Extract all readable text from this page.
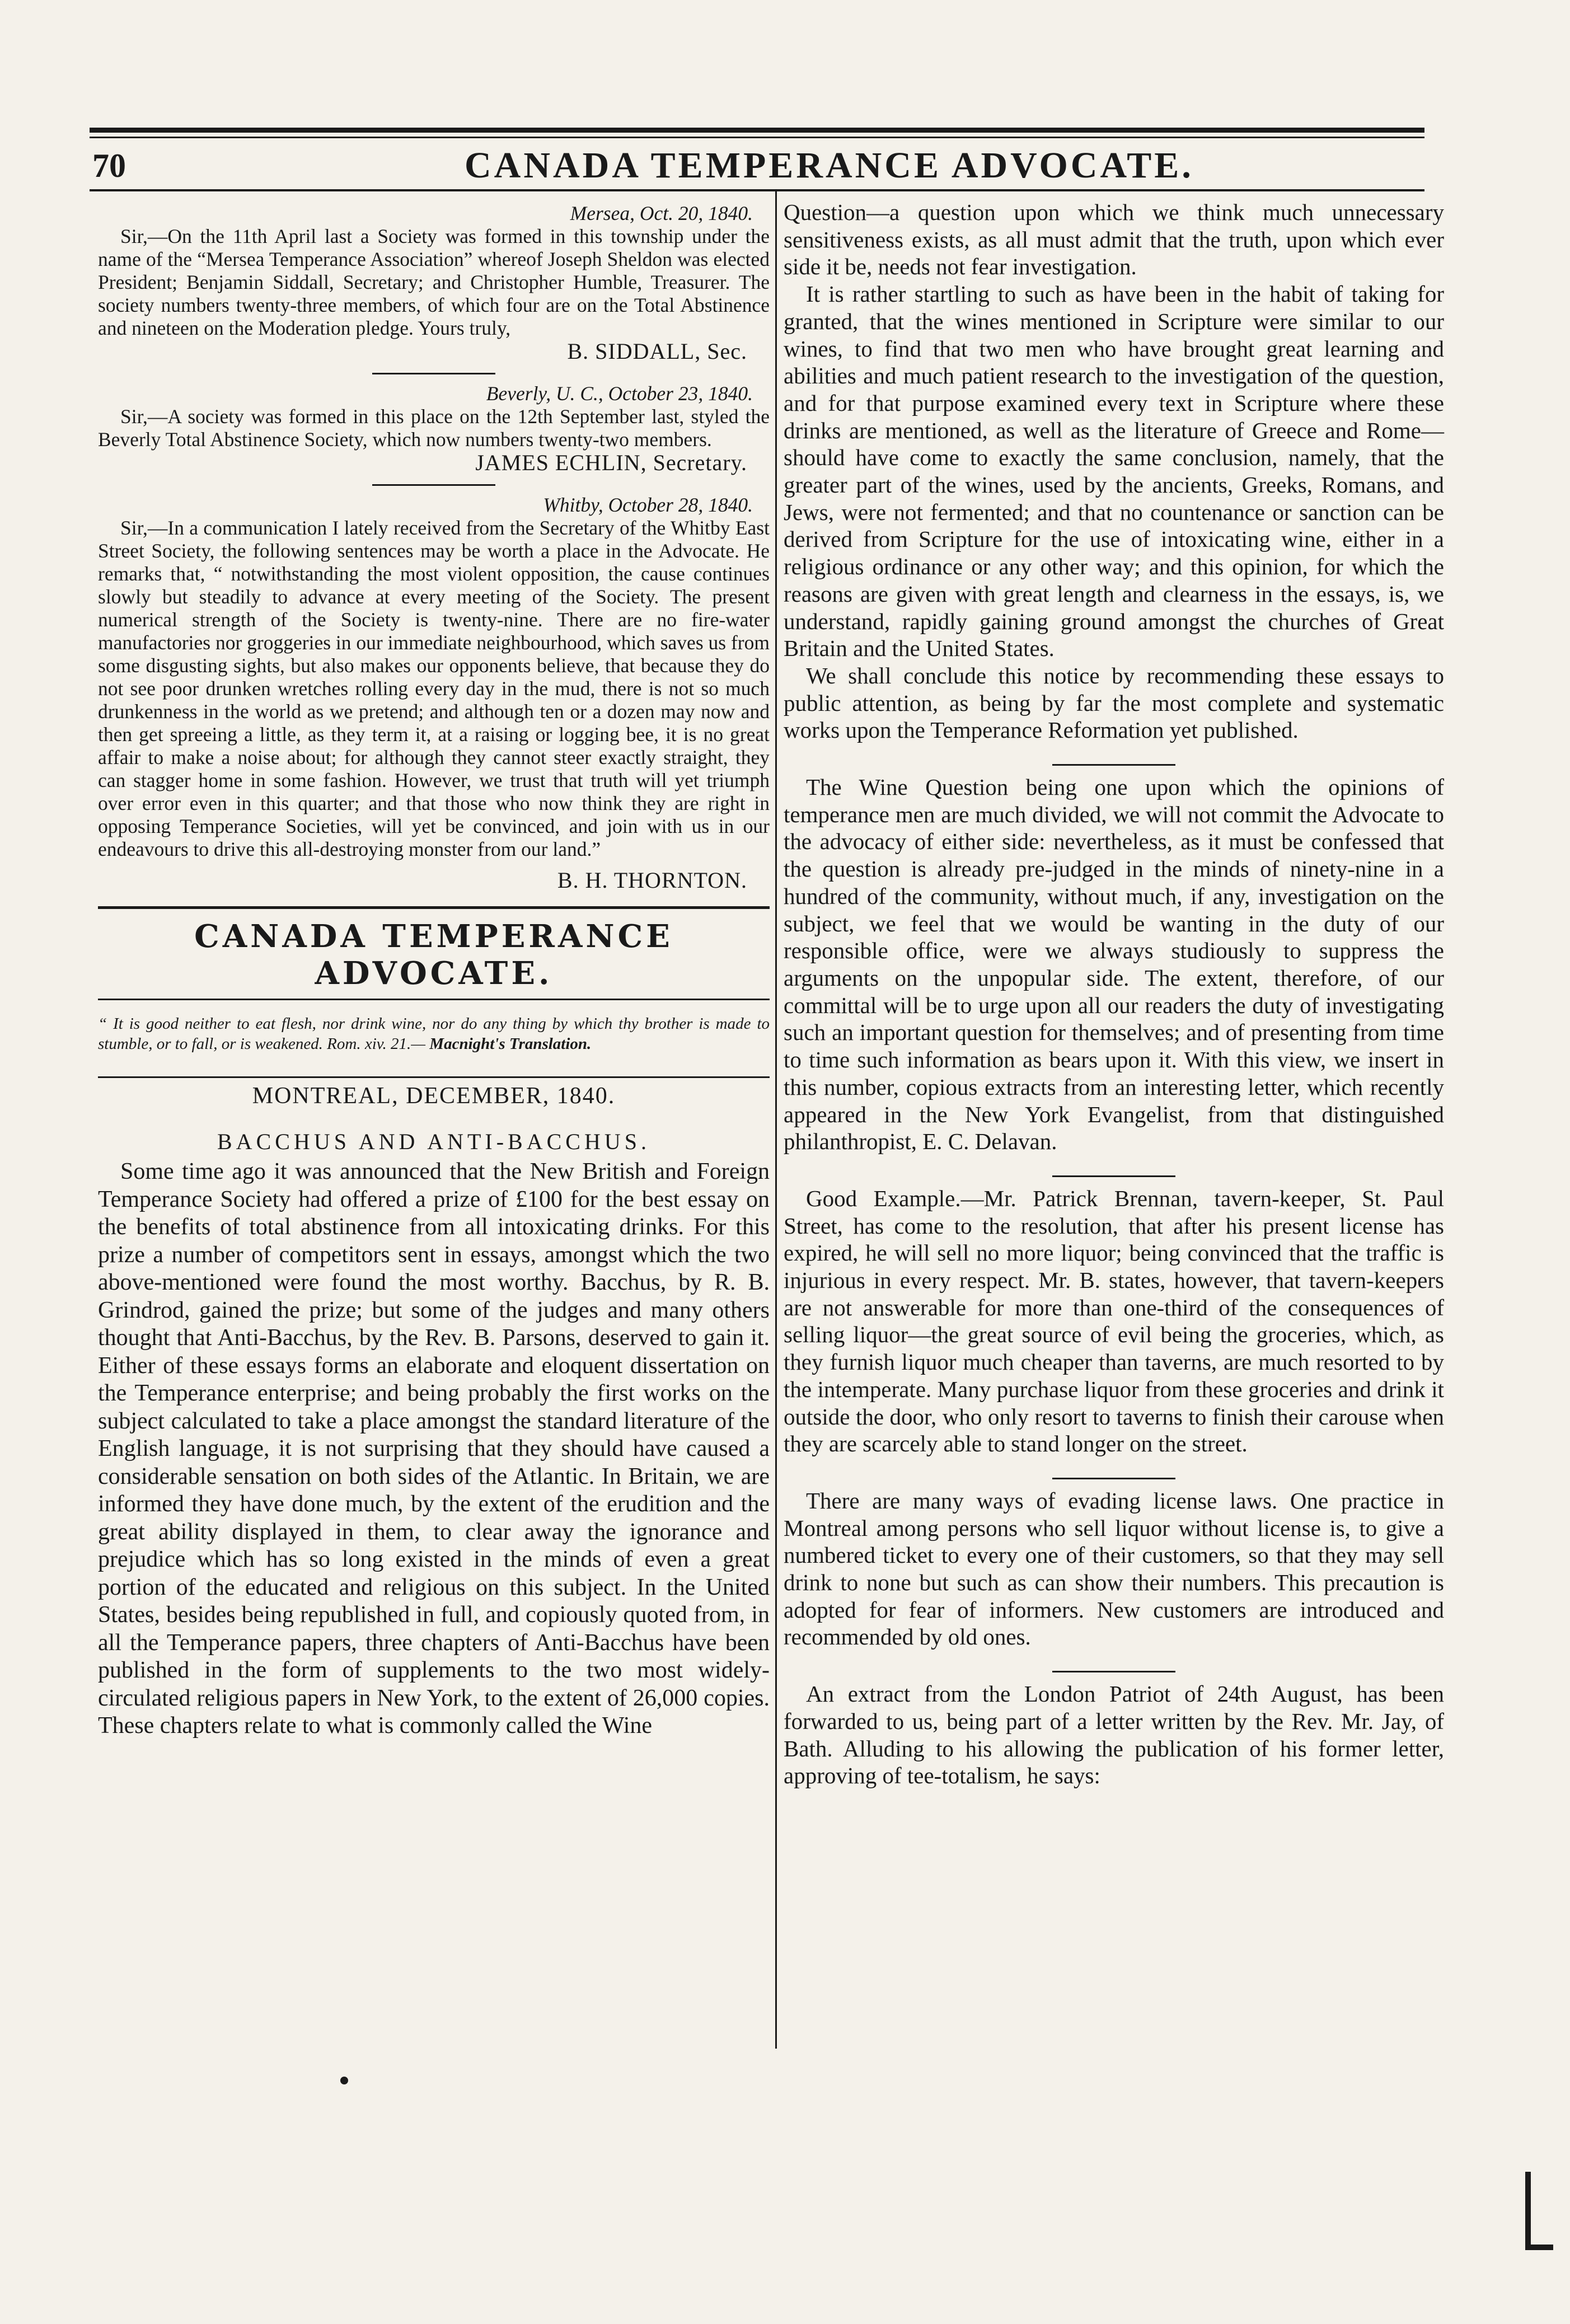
70	CANADA TEMPERANCE ADVOCATE.
Mersea, Oct. 20, 1840.

Sir,—On the 11th April last a Society was formed in this township under the name of the “Mersea Temperance Association” whereof Joseph Sheldon was elected President; Benjamin Siddall, Secretary; and Christopher Humble, Treasurer. The society numbers twenty-three members, of which four are on the Total Abstinence and nineteen on the Moderation pledge. Yours truly,

B. SIDDALL, Sec.
Beverly, U. C., October 23, 1840.

Sir,—A society was formed in this place on the 12th September last, styled the Beverly Total Abstinence Society, which now numbers twenty-two members.

JAMES ECHLIN, Secretary.
Whitby, October 28, 1840.

Sir,—In a communication I lately received from the Secretary of the Whitby East Street Society, the following sentences may be worth a place in the Advocate. He remarks that, “ notwithstanding the most violent opposition, the cause continues slowly but steadily to advance at every meeting of the Society. The present numerical strength of the Society is twenty-nine. There are no fire-water manufactories nor groggeries in our immediate neighbourhood, which saves us from some disgusting sights, but also makes our opponents believe, that because they do not see poor drunken wretches rolling every day in the mud, there is not so much drunkenness in the world as we pretend; and although ten or a dozen may now and then get spreeing a little, as they term it, at a raising or logging bee, it is no great affair to make a noise about; for although they cannot steer exactly straight, they can stagger home in some fashion. However, we trust that truth will yet triumph over error even in this quarter; and that those who now think they are right in opposing Temperance Societies, will yet be convinced, and join with us in our endeavours to drive this all-destroying monster from our land.”

B. H. THORNTON.
CANADA TEMPERANCE ADVOCATE.
“ It is good neither to eat flesh, nor drink wine, nor do any thing by which thy brother is made to stumble, or to fall, or is weakened. Rom. xiv. 21.— Macnight's Translation.
MONTREAL, DECEMBER, 1840.
BACCHUS AND ANTI-BACCHUS.

Some time ago it was announced that the New British and Foreign Temperance Society had offered a prize of £100 for the best essay on the benefits of total abstinence from all intoxicating drinks. For this prize a number of competitors sent in essays, amongst which the two above-mentioned were found the most worthy. Bacchus, by R. B. Grindrod, gained the prize; but some of the judges and many others thought that Anti-Bacchus, by the Rev. B. Parsons, deserved to gain it. Either of these essays forms an elaborate and eloquent dissertation on the Temperance enterprise; and being probably the first works on the subject calculated to take a place amongst the standard literature of the English language, it is not surprising that they should have caused a considerable sensation on both sides of the Atlantic. In Britain, we are informed they have done much, by the extent of the erudition and the great ability displayed in them, to clear away the ignorance and prejudice which has so long existed in the minds of even a great portion of the educated and religious on this subject. In the United States, besides being republished in full, and copiously quoted from, in all the Temperance papers, three chapters of Anti-Bacchus have been published in the form of supplements to the two most widely-circulated religious papers in New York, to the extent of 26,000 copies. These chapters relate to what is commonly called the Wine

Question—a question upon which we think much unnecessary sensitiveness exists, as all must admit that the truth, upon which ever side it be, needs not fear investigation.

It is rather startling to such as have been in the habit of taking for granted, that the wines mentioned in Scripture were similar to our wines, to find that two men who have brought great learning and abilities and much patient research to the investigation of the question, and for that purpose examined every text in Scripture where these drinks are mentioned, as well as the literature of Greece and Rome—should have come to exactly the same conclusion, namely, that the greater part of the wines, used by the ancients, Greeks, Romans, and Jews, were not fermented; and that no countenance or sanction can be derived from Scripture for the use of intoxicating wine, either in a religious ordinance or any other way; and this opinion, for which the reasons are given with great length and clearness in the essays, is, we understand, rapidly gaining ground amongst the churches of Great Britain and the United States.

We shall conclude this notice by recommending these essays to public attention, as being by far the most complete and systematic works upon the Temperance Reformation yet published.

The Wine Question being one upon which the opinions of temperance men are much divided, we will not commit the Advocate to the advocacy of either side: nevertheless, as it must be confessed that the question is already pre-judged in the minds of ninety-nine in a hundred of the community, without much, if any, investigation on the subject, we feel that we would be wanting in the duty of our responsible office, were we always studiously to suppress the arguments on the unpopular side. The extent, therefore, of our committal will be to urge upon all our readers the duty of investigating such an important question for themselves; and of presenting from time to time such information as bears upon it. With this view, we insert in this number, copious extracts from an interesting letter, which recently appeared in the New York Evangelist, from that distinguished philanthropist, E. C. Delavan.

Good Example.—Mr. Patrick Brennan, tavern-keeper, St. Paul Street, has come to the resolution, that after his present license has expired, he will sell no more liquor; being convinced that the traffic is injurious in every respect. Mr. B. states, however, that tavern-keepers are not answerable for more than one-third of the consequences of selling liquor—the great source of evil being the groceries, which, as they furnish liquor much cheaper than taverns, are much resorted to by the intemperate. Many purchase liquor from these groceries and drink it outside the door, who only resort to taverns to finish their carouse when they are scarcely able to stand longer on the street.

There are many ways of evading license laws. One practice in Montreal among persons who sell liquor without license is, to give a numbered ticket to every one of their customers, so that they may sell drink to none but such as can show their numbers. This precaution is adopted for fear of informers. New customers are introduced and recommended by old ones.

An extract from the London Patriot of 24th August, has been forwarded to us, being part of a letter written by the Rev. Mr. Jay, of Bath. Alluding to his allowing the publication of his former letter, approving of tee-totalism, he says:
